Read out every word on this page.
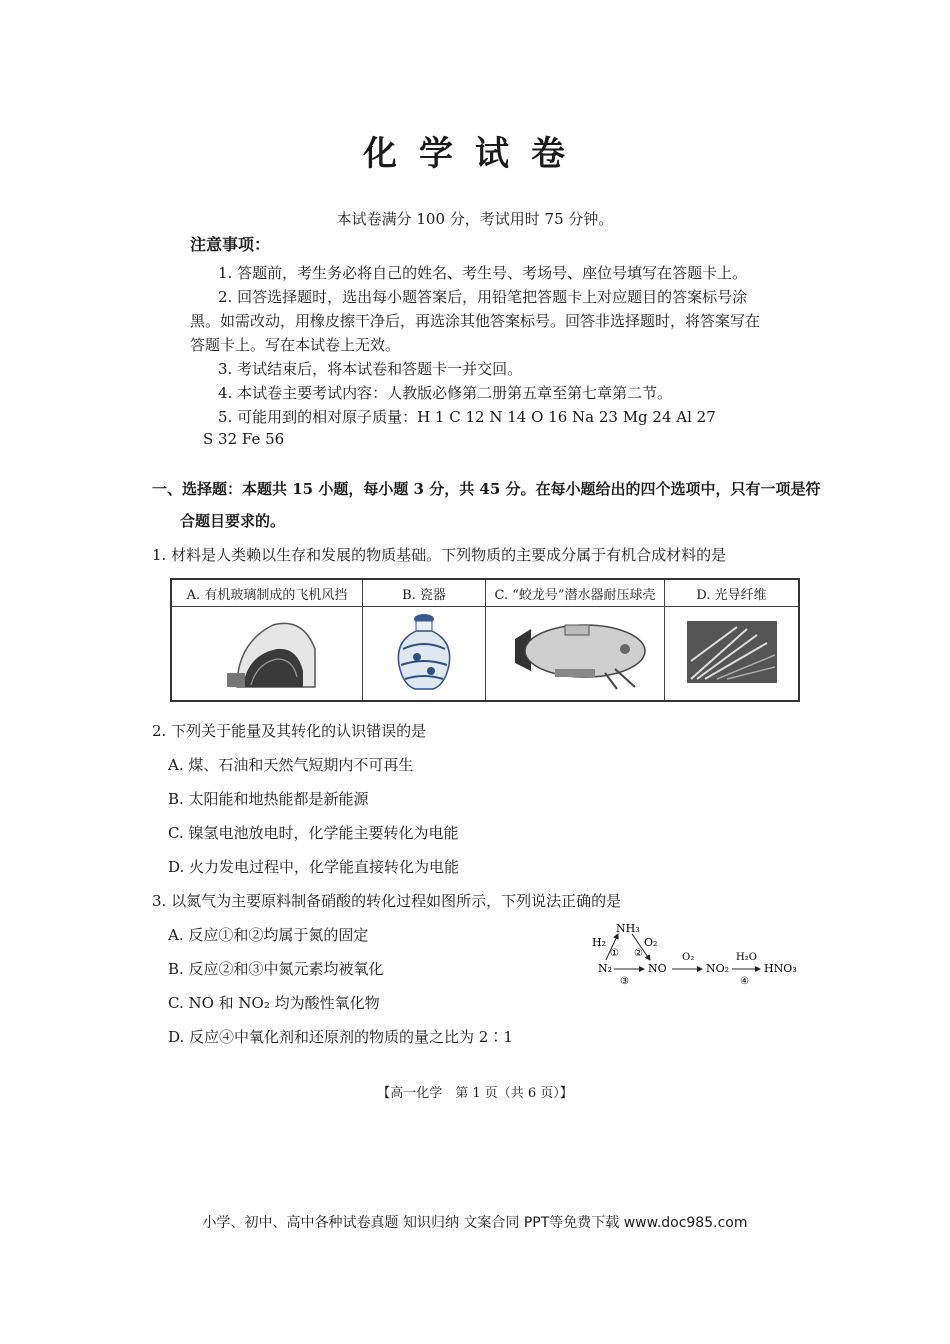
化学试卷
本试卷满分 100 分，考试用时 75 分钟。
注意事项：
1. 答题前，考生务必将自己的姓名、考生号、考场号、座位号填写在答题卡上。
2. 回答选择题时，选出每小题答案后，用铅笔把答题卡上对应题目的答案标号涂
黑。如需改动，用橡皮擦干净后，再选涂其他答案标号。回答非选择题时，将答案写在
答题卡上。写在本试卷上无效。
3. 考试结束后，将本试卷和答题卡一并交回。
4. 本试卷主要考试内容：人教版必修第二册第五章至第七章第二节。
5. 可能用到的相对原子质量：H 1 C 12 N 14 O 16 Na 23 Mg 24 Al 27
S 32 Fe 56
一、选择题：本题共 15 小题，每小题 3 分，共 45 分。在每小题给出的四个选项中，只有一项是符
合题目要求的。
1. 材料是人类赖以生存和发展的物质基础。下列物质的主要成分属于有机合成材料的是
A. 有机玻璃制成的飞机风挡	B. 瓷器	C. “蛟龙号”潜水器耐压球壳	D. 光导纤维

2. 下列关于能量及其转化的认识错误的是
A. 煤、石油和天然气短期内不可再生
B. 太阳能和地热能都是新能源
C. 镍氢电池放电时，化学能主要转化为电能
D. 火力发电过程中，化学能直接转化为电能
3. 以氮气为主要原料制备硝酸的转化过程如图所示，下列说法正确的是
A. 反应①和②均属于氮的固定
B. 反应②和③中氮元素均被氧化
C. NO 和 NO₂ 均为酸性氧化物
D. 反应④中氧化剂和还原剂的物质的量之比为 2∶1
NH₃
H₂	O₂
N₂	NO
O₂
NO₂
H₂O
HNO₃
① ②
③	④
【高一化学　第 1 页（共 6 页）】
小学、初中、高中各种试卷真题 知识归纳 文案合同 PPT等免费下载 www.doc985.com
